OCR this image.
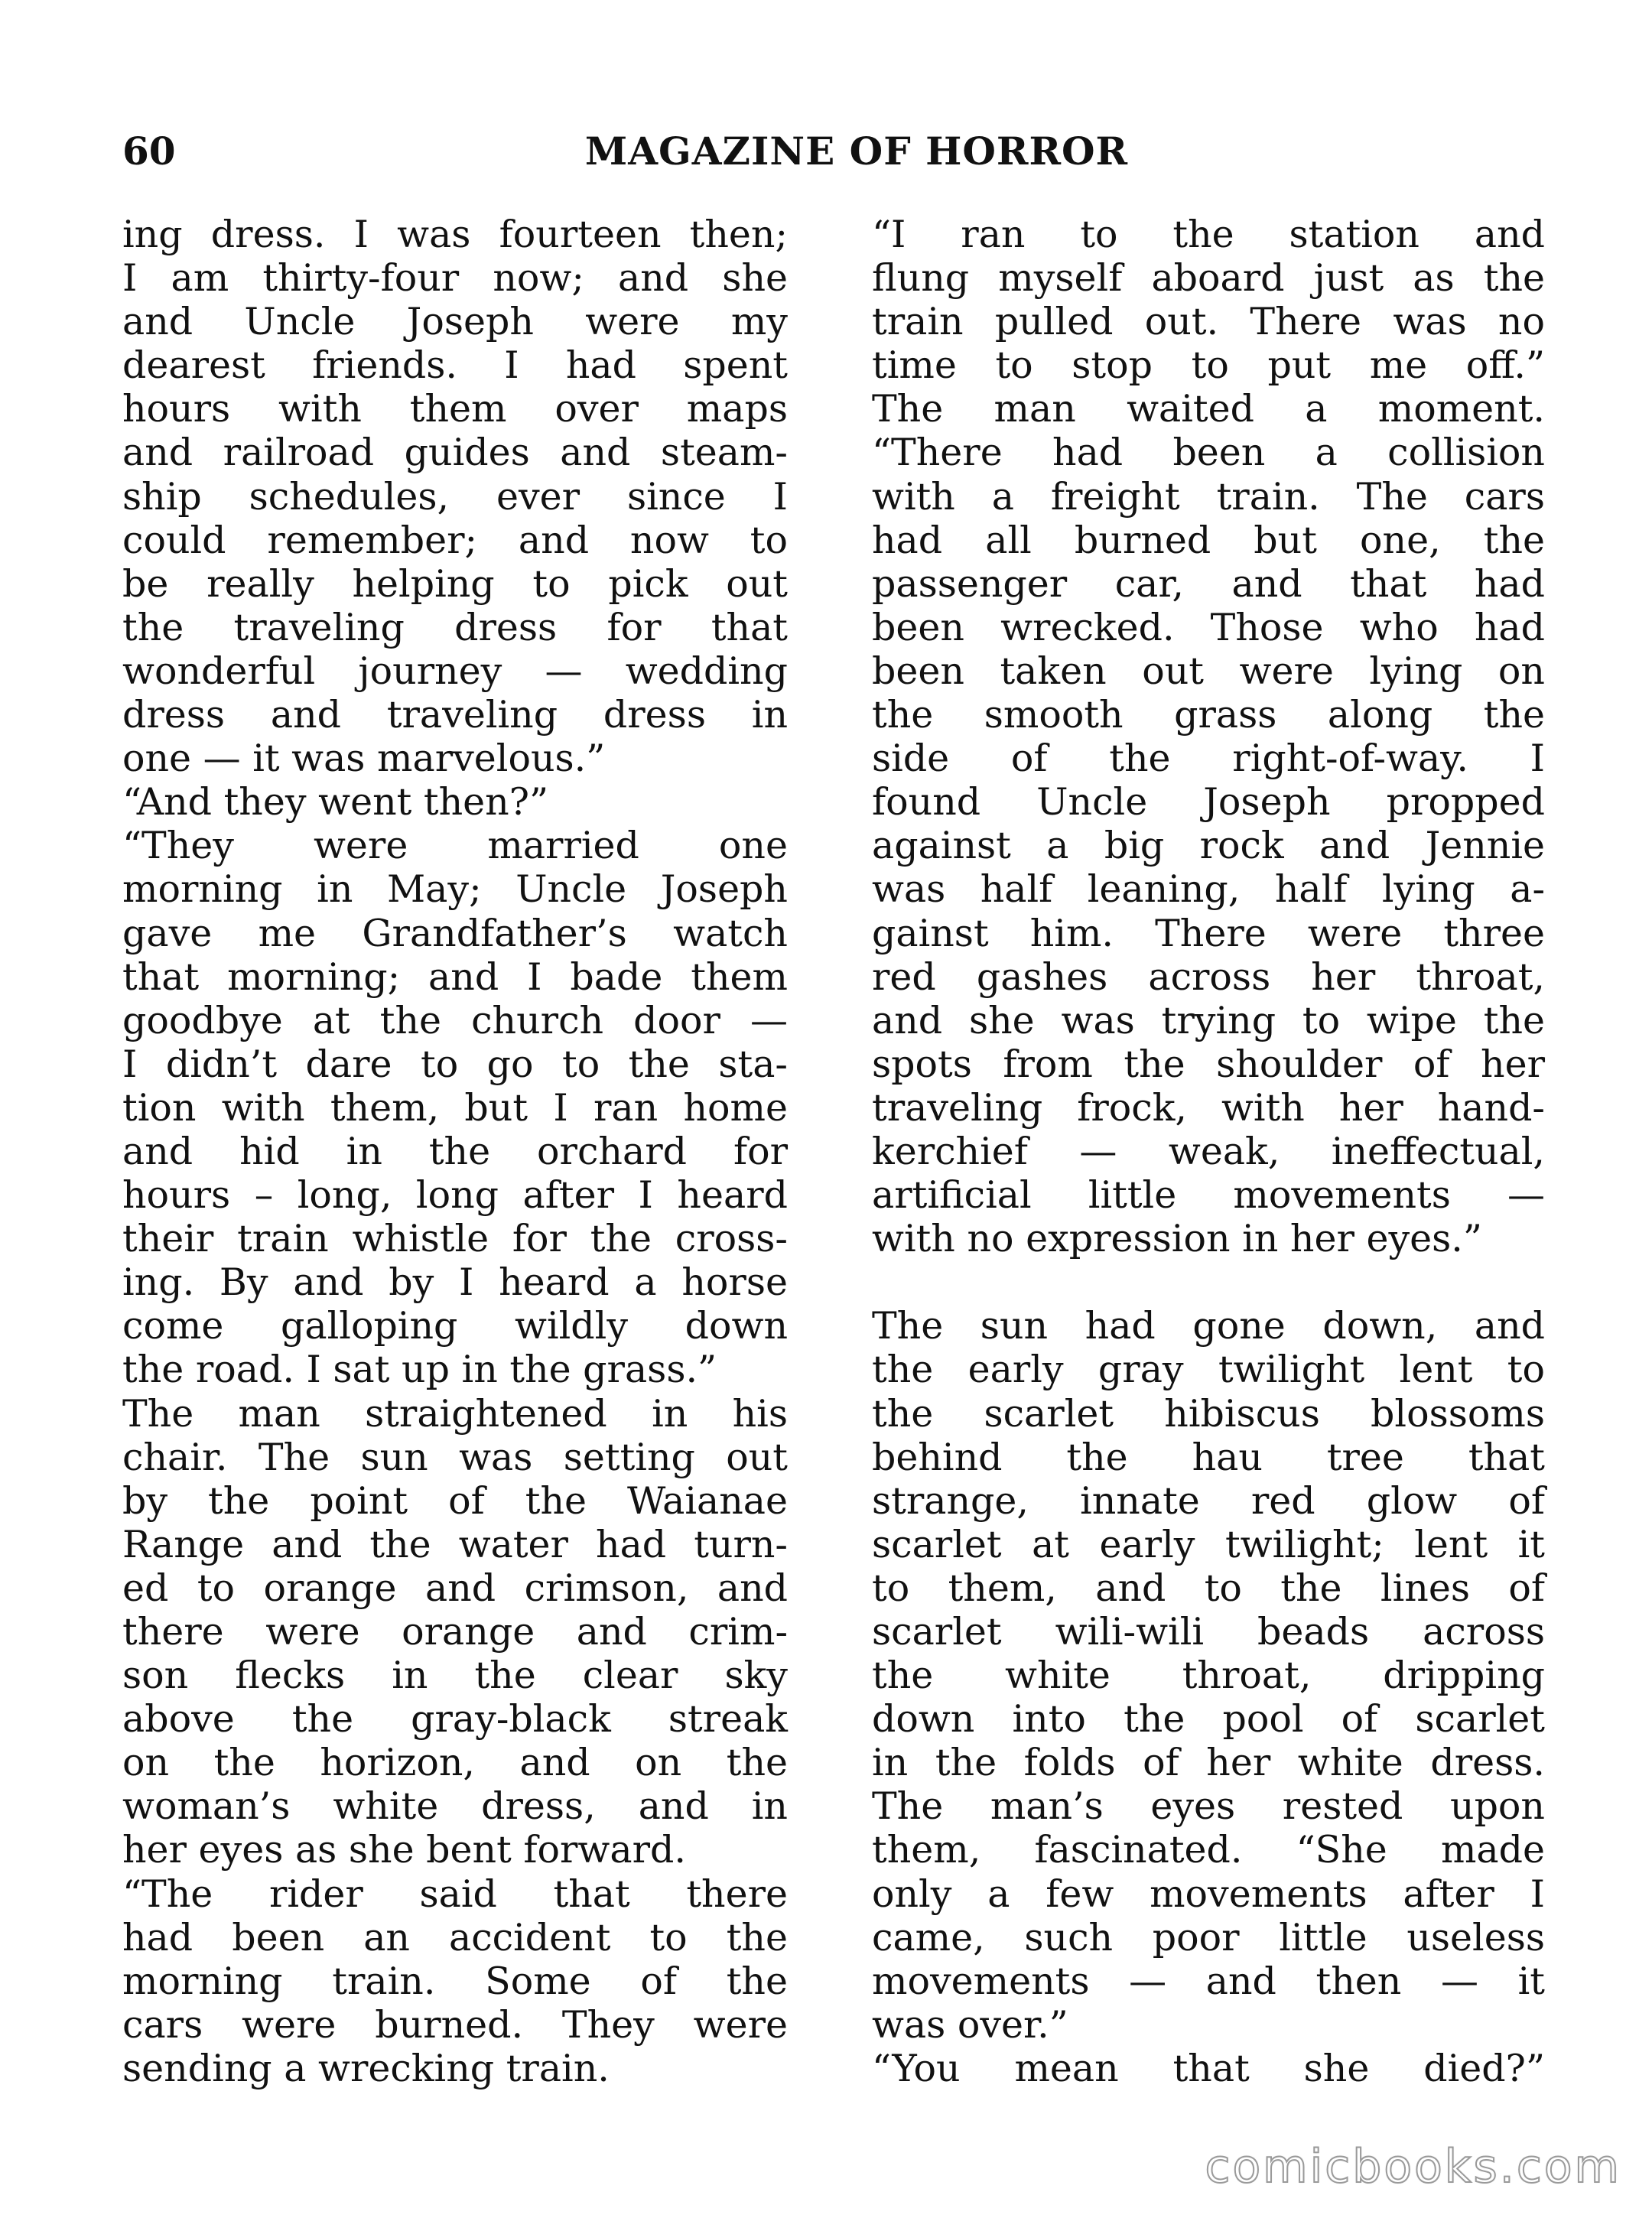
60	MAGAZINE OF HORROR
ing dress. I was fourteen then;
I am thirty-four now; and she
and Uncle Joseph were my
dearest friends. I had spent
hours with them over maps
and railroad guides and steam-
ship schedules, ever since I
could remember; and now to
be really helping to pick out
the traveling dress for that
wonderful journey — wedding
dress and traveling dress in
one — it was marvelous.”
“And they went then?”
“They were married one
morning in May; Uncle Joseph
gave me Grandfather’s watch
that morning; and I bade them
goodbye at the church door —
I didn’t dare to go to the sta-
tion with them, but I ran home
and hid in the orchard for
hours – long, long after I heard
their train whistle for the cross-
ing. By and by I heard a horse
come galloping wildly down
the road. I sat up in the grass.”
The man straightened in his
chair. The sun was setting out
by the point of the Waianae
Range and the water had turn-
ed to orange and crimson, and
there were orange and crim-
son flecks in the clear sky
above the gray-black streak
on the horizon, and on the
woman’s white dress, and in
her eyes as she bent forward.
“The rider said that there
had been an accident to the
morning train. Some of the
cars were burned. They were
sending a wrecking train.
“I ran to the station and
flung myself aboard just as the
train pulled out. There was no
time to stop to put me off.”
The man waited a moment.
“There had been a collision
with a freight train. The cars
had all burned but one, the
passenger car, and that had
been wrecked. Those who had
been taken out were lying on
the smooth grass along the
side of the right-of-way. I
found Uncle Joseph propped
against a big rock and Jennie
was half leaning, half lying a-
gainst him. There were three
red gashes across her throat,
and she was trying to wipe the
spots from the shoulder of her
traveling frock, with her hand-
kerchief — weak, ineffectual,
artificial little movements —
with no expression in her eyes.”
The sun had gone down, and
the early gray twilight lent to
the scarlet hibiscus blossoms
behind the hau tree that
strange, innate red glow of
scarlet at early twilight; lent it
to them, and to the lines of
scarlet wili-wili beads across
the white throat, dripping
down into the pool of scarlet
in the folds of her white dress.
The man’s eyes rested upon
them, fascinated. “She made
only a few movements after I
came, such poor little useless
movements — and then — it
was over.”
“You mean that she died?”
comicbooks.com
